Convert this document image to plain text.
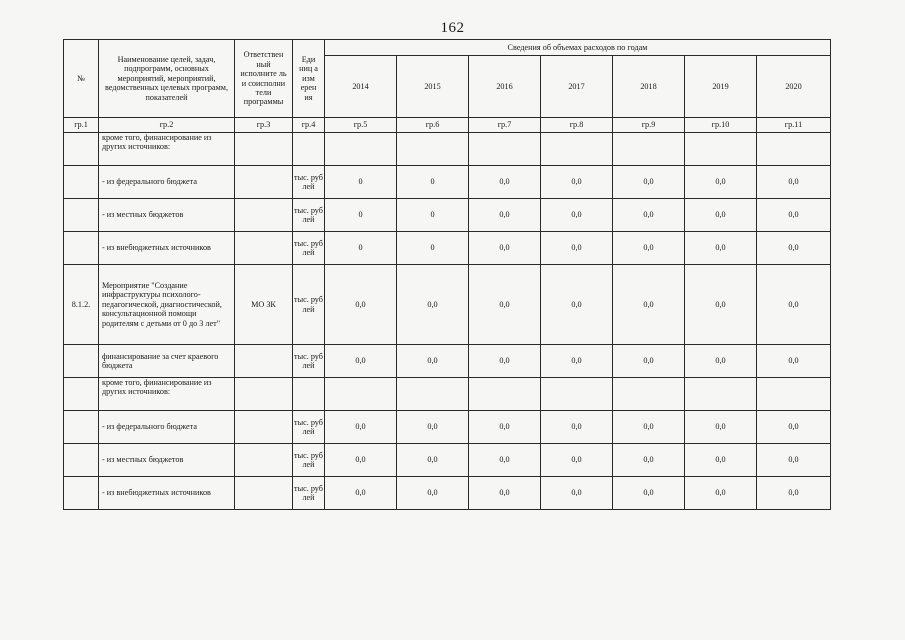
162
№	Наименование целей, задач, подпрограмм, основных мероприятий, мероприятий, ведомственных целевых программ, показателей	Ответствен ный исполните ль и соисполни тели программы	Еди ниц а изм ерен ия	Сведения об объемах расходов по годам						
				2014	2015	2016	2017	2018	2019	2020
гр.1	гр.2	гр.3	гр.4	гр.5	гр.6	гр.7	гр.8	гр.9	гр.10	гр.11
	кроме того, финансирование из других источников:									
	- из федерального бюджета		тыс. руб лей	0	0	0,0	0,0	0,0	0,0	0,0
	- из местных бюджетов		тыс. руб лей	0	0	0,0	0,0	0,0	0,0	0,0
	- из внебюджетных источников		тыс. руб лей	0	0	0,0	0,0	0,0	0,0	0,0
8.1.2.	Мероприятие "Создание инфраструктуры психолого-педагогической, диагностической, консультационной помощи родителям с детьми от 0 до 3 лет"	МО ЗК	тыс. руб лей	0,0	0,0	0,0	0,0	0,0	0,0	0,0
	финансирование за счет краевого бюджета		тыс. руб лей	0,0	0,0	0,0	0,0	0,0	0,0	0,0
	кроме того, финансирование из других источников:									
	- из федерального бюджета		тыс. руб лей	0,0	0,0	0,0	0,0	0,0	0,0	0,0
	- из местных бюджетов		тыс. руб лей	0,0	0,0	0,0	0,0	0,0	0,0	0,0
	- из внебюджетных источников		тыс. руб лей	0,0	0,0	0,0	0,0	0,0	0,0	0,0
